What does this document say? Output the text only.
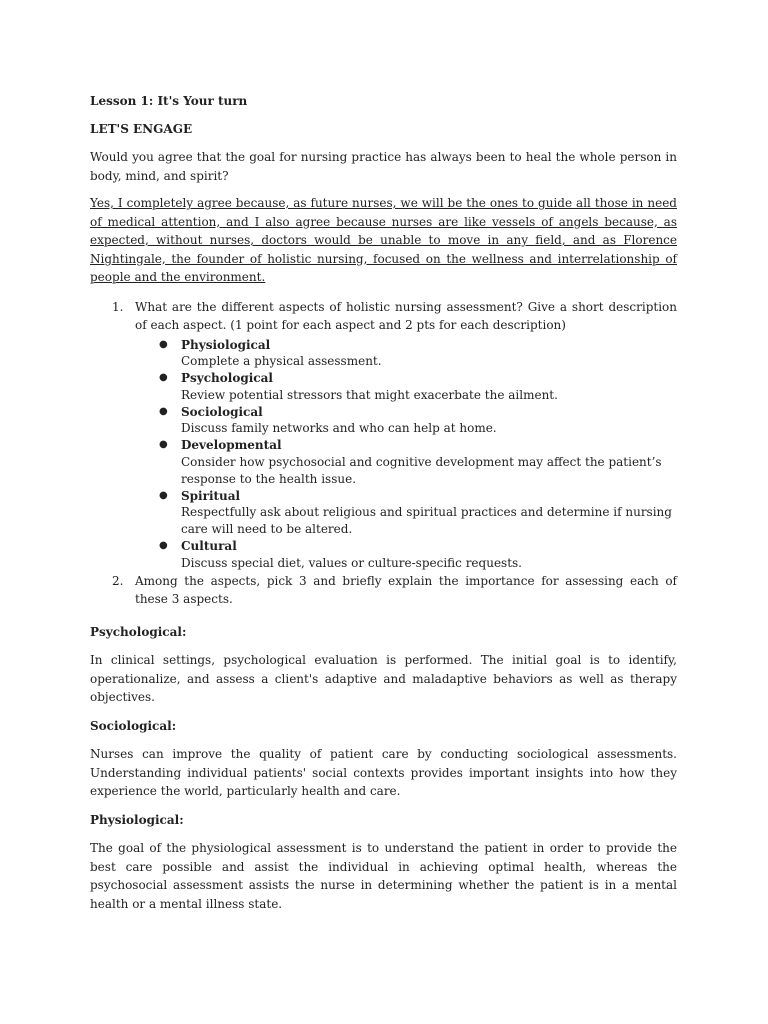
Lesson 1: It's Your turn

LET'S ENGAGE

Would you agree that the goal for nursing practice has always been to heal the whole person in body, mind, and spirit?

Yes, I completely agree because, as future nurses, we will be the ones to guide all those in need of medical attention, and I also agree because nurses are like vessels of angels because, as expected, without nurses, doctors would be unable to move in any field, and as Florence Nightingale, the founder of holistic nursing, focused on the wellness and interrelationship of people and the environment.

1. What are the different aspects of holistic nursing assessment? Give a short description of each aspect. (1 point for each aspect and 2 pts for each description)
● Physiological
Complete a physical assessment.
● Psychological
Review potential stressors that might exacerbate the ailment.
● Sociological
Discuss family networks and who can help at home.
● Developmental
Consider how psychosocial and cognitive development may affect the patient’s response to the health issue.
● Spiritual
Respectfully ask about religious and spiritual practices and determine if nursing care will need to be altered.
● Cultural
Discuss special diet, values or culture-specific requests.
2. Among the aspects, pick 3 and briefly explain the importance for assessing each of these 3 aspects.

Psychological:

In clinical settings, psychological evaluation is performed. The initial goal is to identify, operationalize, and assess a client's adaptive and maladaptive behaviors as well as therapy objectives.

Sociological:

Nurses can improve the quality of patient care by conducting sociological assessments. Understanding individual patients' social contexts provides important insights into how they experience the world, particularly health and care.

Physiological:

The goal of the physiological assessment is to understand the patient in order to provide the best care possible and assist the individual in achieving optimal health, whereas the psychosocial assessment assists the nurse in determining whether the patient is in a mental health or a mental illness state.
